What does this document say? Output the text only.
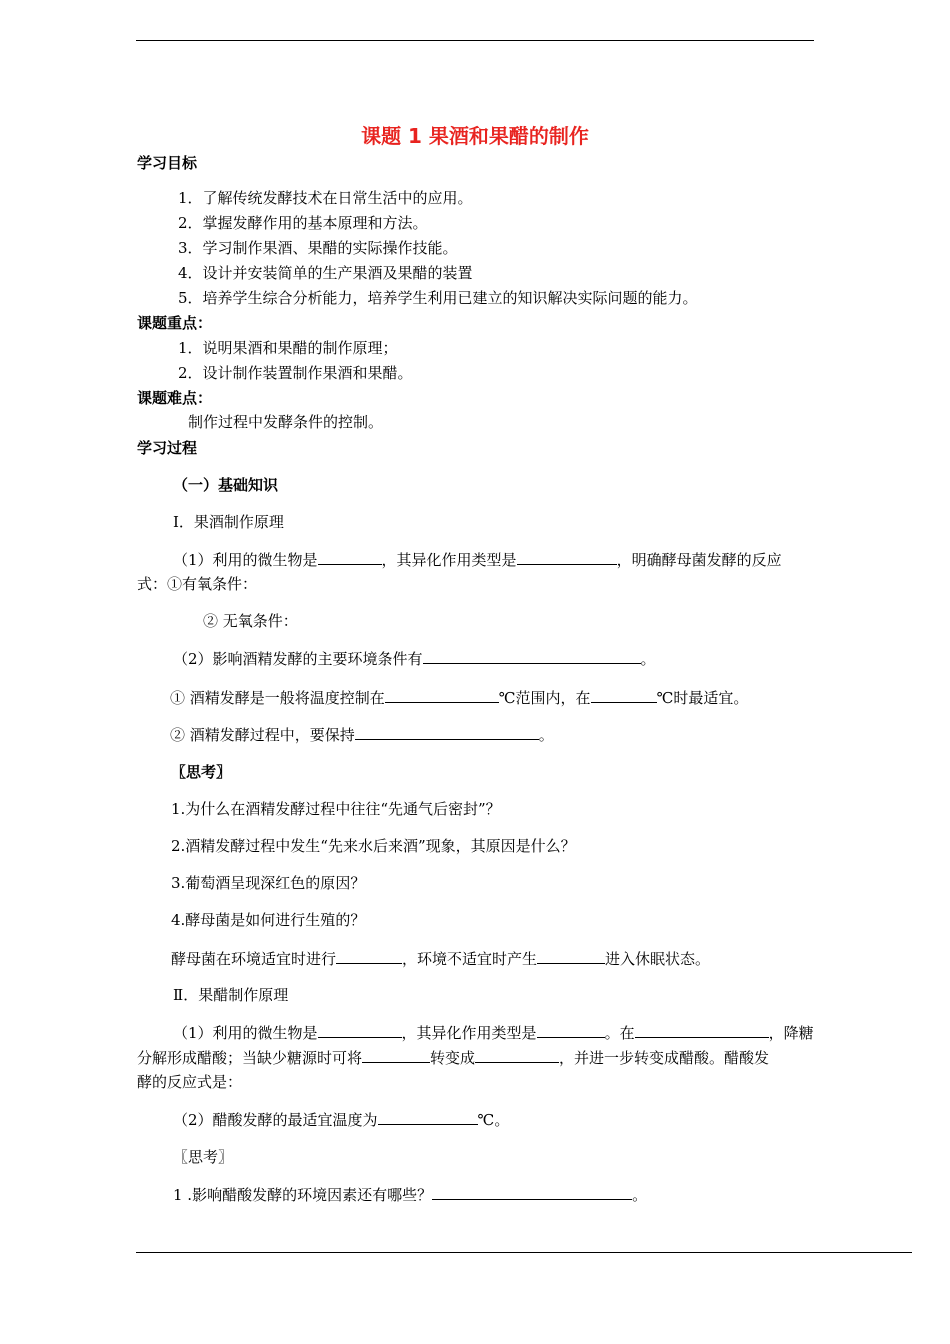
课题 1 果酒和果醋的制作
学习目标
1．了解传统发酵技术在日常生活中的应用。
2．掌握发酵作用的基本原理和方法。
3．学习制作果酒、果醋的实际操作技能。
4．设计并安装简单的生产果酒及果醋的装置
5．培养学生综合分析能力，培养学生利用已建立的知识解决实际问题的能力。
课题重点：
1．说明果酒和果醋的制作原理；
2．设计制作装置制作果酒和果醋。
课题难点：
制作过程中发酵条件的控制。
学习过程
（一）基础知识
Ⅰ．果酒制作原理
（1）利用的微生物是	，其异化作用类型是	，明确酵母菌发酵的反应
式：①有氧条件：
② 无氧条件：
（2）影响酒精发酵的主要环境条件有	。
① 酒精发酵是一般将温度控制在	℃范围内，在	℃时最适宜。
② 酒精发酵过程中，要保持	。
〖思考〗
1.为什么在酒精发酵过程中往往“先通气后密封”？
2.酒精发酵过程中发生“先来水后来酒”现象，其原因是什么？
3.葡萄酒呈现深红色的原因？
4.酵母菌是如何进行生殖的？
酵母菌在环境适宜时进行	，环境不适宜时产生	进入休眠状态。
Ⅱ．果醋制作原理
（1）利用的微生物是	，其异化作用类型是	。在	，降糖
分解形成醋酸；当缺少糖源时可将	转变成	，并进一步转变成醋酸。醋酸发
酵的反应式是：
（2）醋酸发酵的最适宜温度为	℃。
〖思考〗
1 .影响醋酸发酵的环境因素还有哪些？	。
